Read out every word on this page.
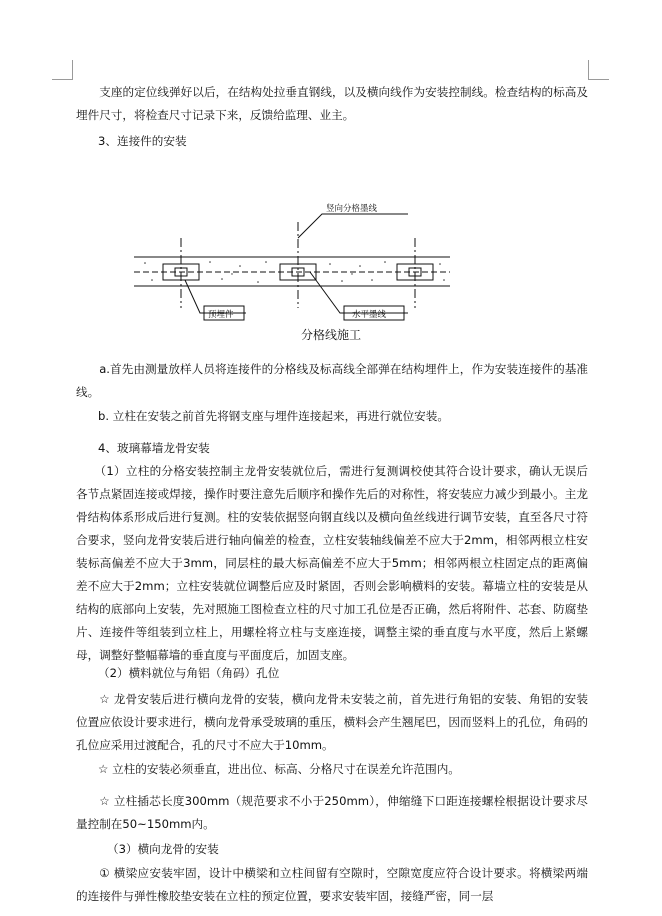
支座的定位线弹好以后，在结构处拉垂直钢线，以及横向线作为安装控制线。检查结构的标高及埋件尺寸，将检查尺寸记录下来，反馈给监理、业主。

3、连接件的安装
竖向分格墨线
预埋件	水平墨线
分格线施工

a.首先由测量放样人员将连接件的分格线及标高线全部弹在结构埋件上，作为安装连接件的基准线。

b. 立柱在安装之前首先将钢支座与埋件连接起来，再进行就位安装。
4、玻璃幕墙龙骨安装

（1）立柱的分格安装控制主龙骨安装就位后，需进行复测调校使其符合设计要求，确认无误后各节点紧固连接或焊接，操作时要注意先后顺序和操作先后的对称性，将安装应力减少到最小。主龙骨结构体系形成后进行复测。柱的安装依据竖向钢直线以及横向鱼丝线进行调节安装，直至各尺寸符合要求，竖向龙骨安装后进行轴向偏差的检查，立柱安装轴线偏差不应大于2mm，相邻两根立柱安装标高偏差不应大于3mm，同层柱的最大标高偏差不应大于5mm；相邻两根立柱固定点的距离偏差不应大于2mm；立柱安装就位调整后应及时紧固，否则会影响横料的安装。幕墙立柱的安装是从结构的底部向上安装，先对照施工图检查立柱的尺寸加工孔位是否正确，然后将附件、芯套、防腐垫片、连接件等组装到立柱上，用螺栓将立柱与支座连接，调整主梁的垂直度与水平度，然后上紧螺母，调整好整幅幕墙的垂直度与平面度后，加固支座。

（2）横料就位与角铝（角码）孔位

☆ 龙骨安装后进行横向龙骨的安装，横向龙骨未安装之前，首先进行角铝的安装、角铝的安装位置应依设计要求进行，横向龙骨承受玻璃的重压，横料会产生翘尾巴，因而竖料上的孔位，角码的孔位应采用过渡配合，孔的尺寸不应大于10mm。

☆ 立柱的安装必须垂直，进出位、标高、分格尺寸在误差允许范围内。

☆ 立柱插芯长度300mm（规范要求不小于250mm），伸缩缝下口距连接螺栓根据设计要求尽量控制在50~150mm内。

（3）横向龙骨的安装

① 横梁应安装牢固，设计中横梁和立柱间留有空隙时，空隙宽度应符合设计要求。将横梁两端的连接件与弹性橡胶垫安装在立柱的预定位置，要求安装牢固，接缝严密，同一层
